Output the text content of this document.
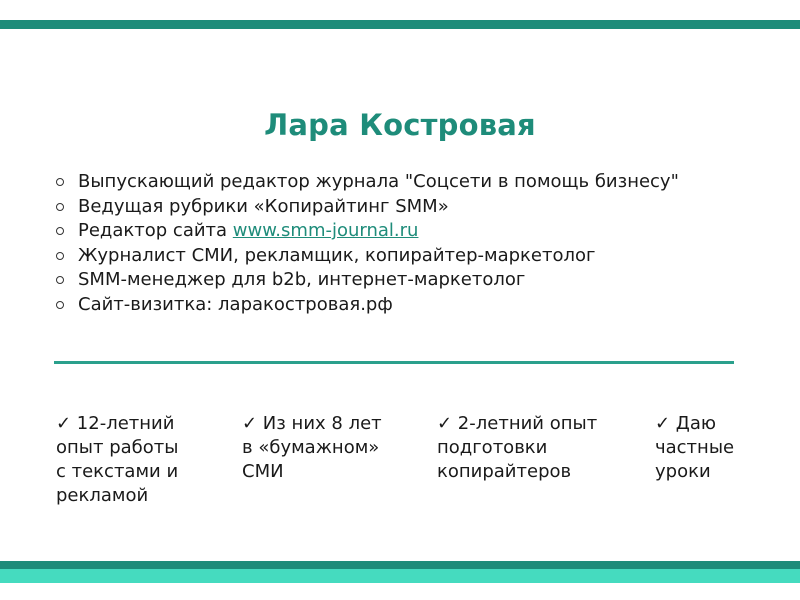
Лара Костровая
Выпускающий редактор журнала "Соцсети в помощь бизнесу"
Ведущая рубрики «Копирайтинг SMM»
Редактор сайта www.smm-journal.ru
Журналист СМИ, рекламщик, копирайтер-маркетолог
SMM-менеджер для b2b, интернет-маркетолог
Сайт-визитка: ларакостровая.рф
✓ 12-летний
опыт работы
с текстами и
рекламой
✓ Из них 8 лет
в «бумажном»
СМИ
✓ 2-летний опыт
подготовки
копирайтеров
✓ Даю
частные
уроки
